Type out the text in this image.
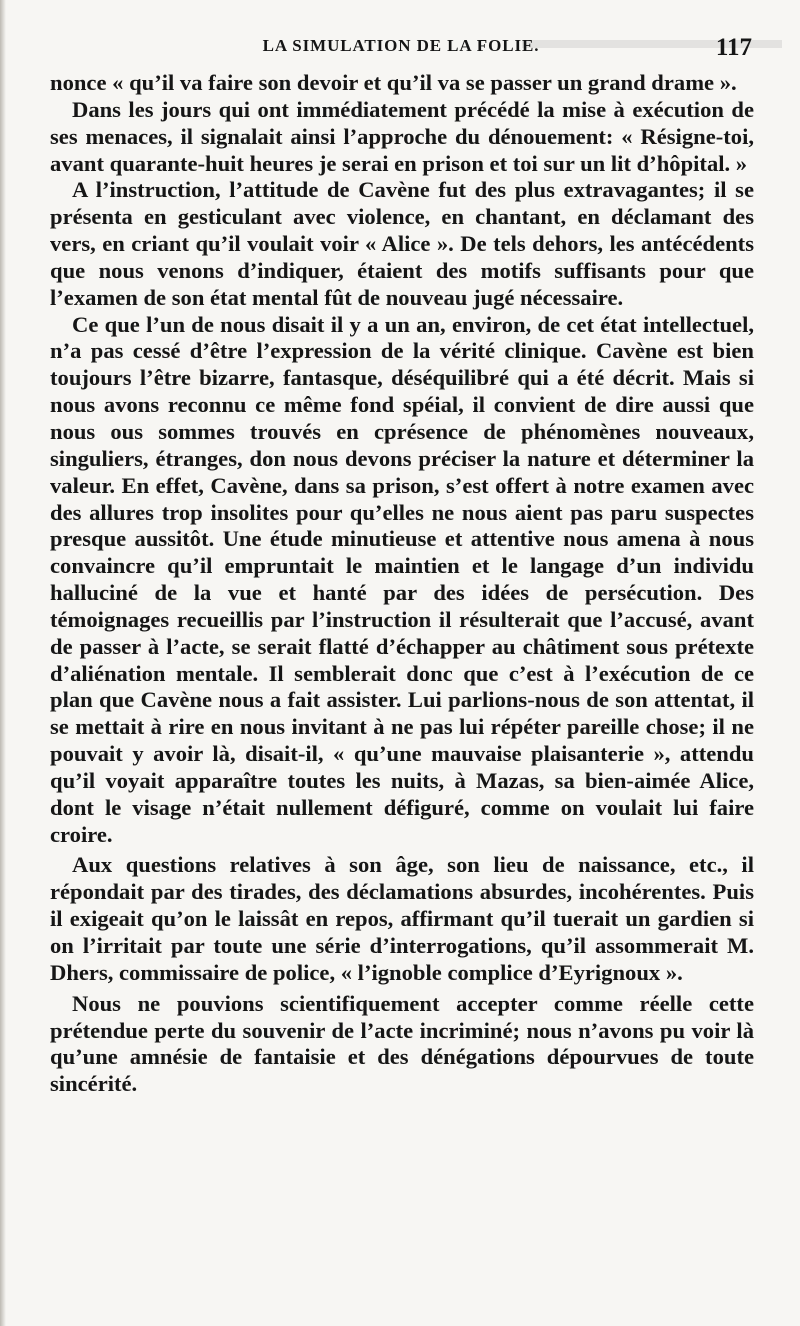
LA SIMULATION DE LA FOLIE.	117

nonce « qu’il va faire son devoir et qu’il va se passer un grand drame ».

Dans les jours qui ont immédiatement précédé la mise à exécution de ses menaces, il signalait ainsi l’approche du dénouement: « Résigne-toi, avant quarante-huit heures je serai en prison et toi sur un lit d’hôpital. »

A l’instruction, l’attitude de Cavène fut des plus extravagantes; il se présenta en gesticulant avec violence, en chantant, en déclamant des vers, en criant qu’il voulait voir « Alice ». De tels dehors, les antécédents que nous venons d’indiquer, étaient des motifs suffisants pour que l’examen de son état mental fût de nouveau jugé nécessaire.

Ce que l’un de nous disait il y a un an, environ, de cet état intellectuel, n’a pas cessé d’être l’expression de la vérité clinique. Cavène est bien toujours l’être bizarre, fantasque, déséquilibré qui a été décrit. Mais si nous avons reconnu ce même fond spéial, il convient de dire aussi que nous ous sommes trouvés en cprésence de phénomènes nouveaux, singuliers, étranges, don nous devons préciser la nature et déterminer la valeur. En effet, Cavène, dans sa prison, s’est offert à notre examen avec des allures trop insolites pour qu’elles ne nous aient pas paru suspectes presque aussitôt. Une étude minutieuse et attentive nous amena à nous convaincre qu’il empruntait le maintien et le langage d’un individu halluciné de la vue et hanté par des idées de persécution. Des témoignages recueillis par l’instruction il résulterait que l’accusé, avant de passer à l’acte, se serait flatté d’échapper au châtiment sous prétexte d’aliénation mentale. Il semblerait donc que c’est à l’exécution de ce plan que Cavène nous a fait assister. Lui parlions-nous de son attentat, il se mettait à rire en nous invitant à ne pas lui répéter pareille chose; il ne pouvait y avoir là, disait-il, « qu’une mauvaise plaisanterie », attendu qu’il voyait apparaître toutes les nuits, à Mazas, sa bien-aimée Alice, dont le visage n’était nullement défiguré, comme on voulait lui faire croire.

Aux questions relatives à son âge, son lieu de naissance, etc., il répondait par des tirades, des déclamations absurdes, incohérentes. Puis il exigeait qu’on le laissât en repos, affirmant qu’il tuerait un gardien si on l’irritait par toute une série d’interrogations, qu’il assommerait M. Dhers, commissaire de police, « l’ignoble complice d’Eyrignoux ».

Nous ne pouvions scientifiquement accepter comme réelle cette prétendue perte du souvenir de l’acte incriminé; nous n’avons pu voir là qu’une amnésie de fantaisie et des dénégations dépourvues de toute sincérité.
